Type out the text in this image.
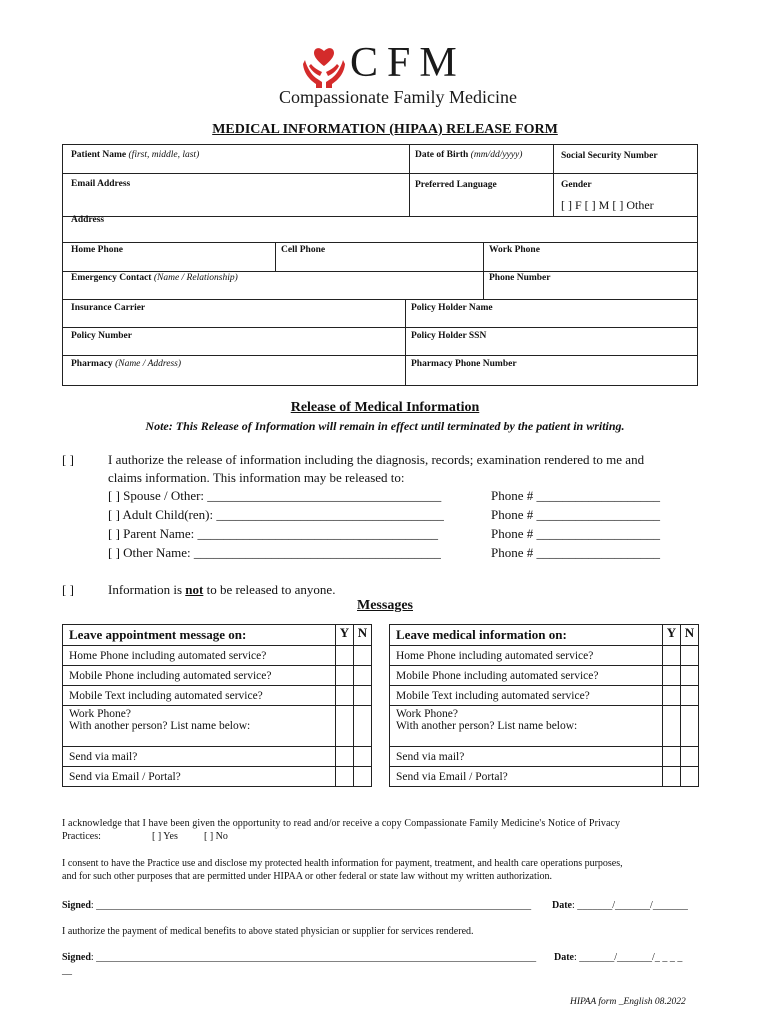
CFM
Compassionate Family Medicine
MEDICAL INFORMATION (HIPAA) RELEASE FORM
Patient Name (first, middle, last)	Date of Birth (mm/dd/yyyy)	Social Security Number
Email Address	Preferred Language	Gender
[ ] F [ ] M [ ] Other
Address
Home Phone	Cell Phone	Work Phone
Emergency Contact (Name / Relationship)	Phone Number
Insurance Carrier	Policy Holder Name
Policy Number	Policy Holder SSN
Pharmacy (Name / Address)	Pharmacy Phone Number
Release of Medical Information
Note: This Release of Information will remain in effect until terminated by the patient in writing.
[ ]	I authorize the release of information including the diagnosis, records; examination rendered to me and
claims information. This information may be released to:
[ ] Spouse / Other: ____________________________________	Phone # ___________________
[ ] Adult Child(ren): ___________________________________	Phone # ___________________
[ ] Parent Name: _____________________________________	Phone # ___________________
[ ] Other Name: ______________________________________	Phone # ___________________
[ ]	Information is not to be released to anyone.
Messages
Leave appointment message on:	Y	N
Home Phone including automated service?		
Mobile Phone including automated service?		
Mobile Text including automated service?		

Work Phone?
With another person? List name below:		

Send via mail?		
Send via Email / Portal?		
Leave medical information on:	Y	N
Home Phone including automated service?		
Mobile Phone including automated service?		
Mobile Text including automated service?		

Work Phone?
With another person? List name below:		

Send via mail?		
Send via Email / Portal?		
I acknowledge that I have been given the opportunity to read and/or receive a copy Compassionate Family Medicine's Notice of Privacy
Practices:	[ ] Yes	[ ] No
I consent to have the Practice use and disclose my protected health information for payment, treatment, and health care operations purposes,
and for such other purposes that are permitted under HIPAA or other federal or state law without my written authorization.
Signed: _______________________________________________________________________________________ Date: _______/_______/_______
I authorize the payment of medical benefits to above stated physician or supplier for services rendered.
Signed: ________________________________________________________________________________________ Date: _______/_______/_ _ _ _
__
HIPAA form _English 08.2022
